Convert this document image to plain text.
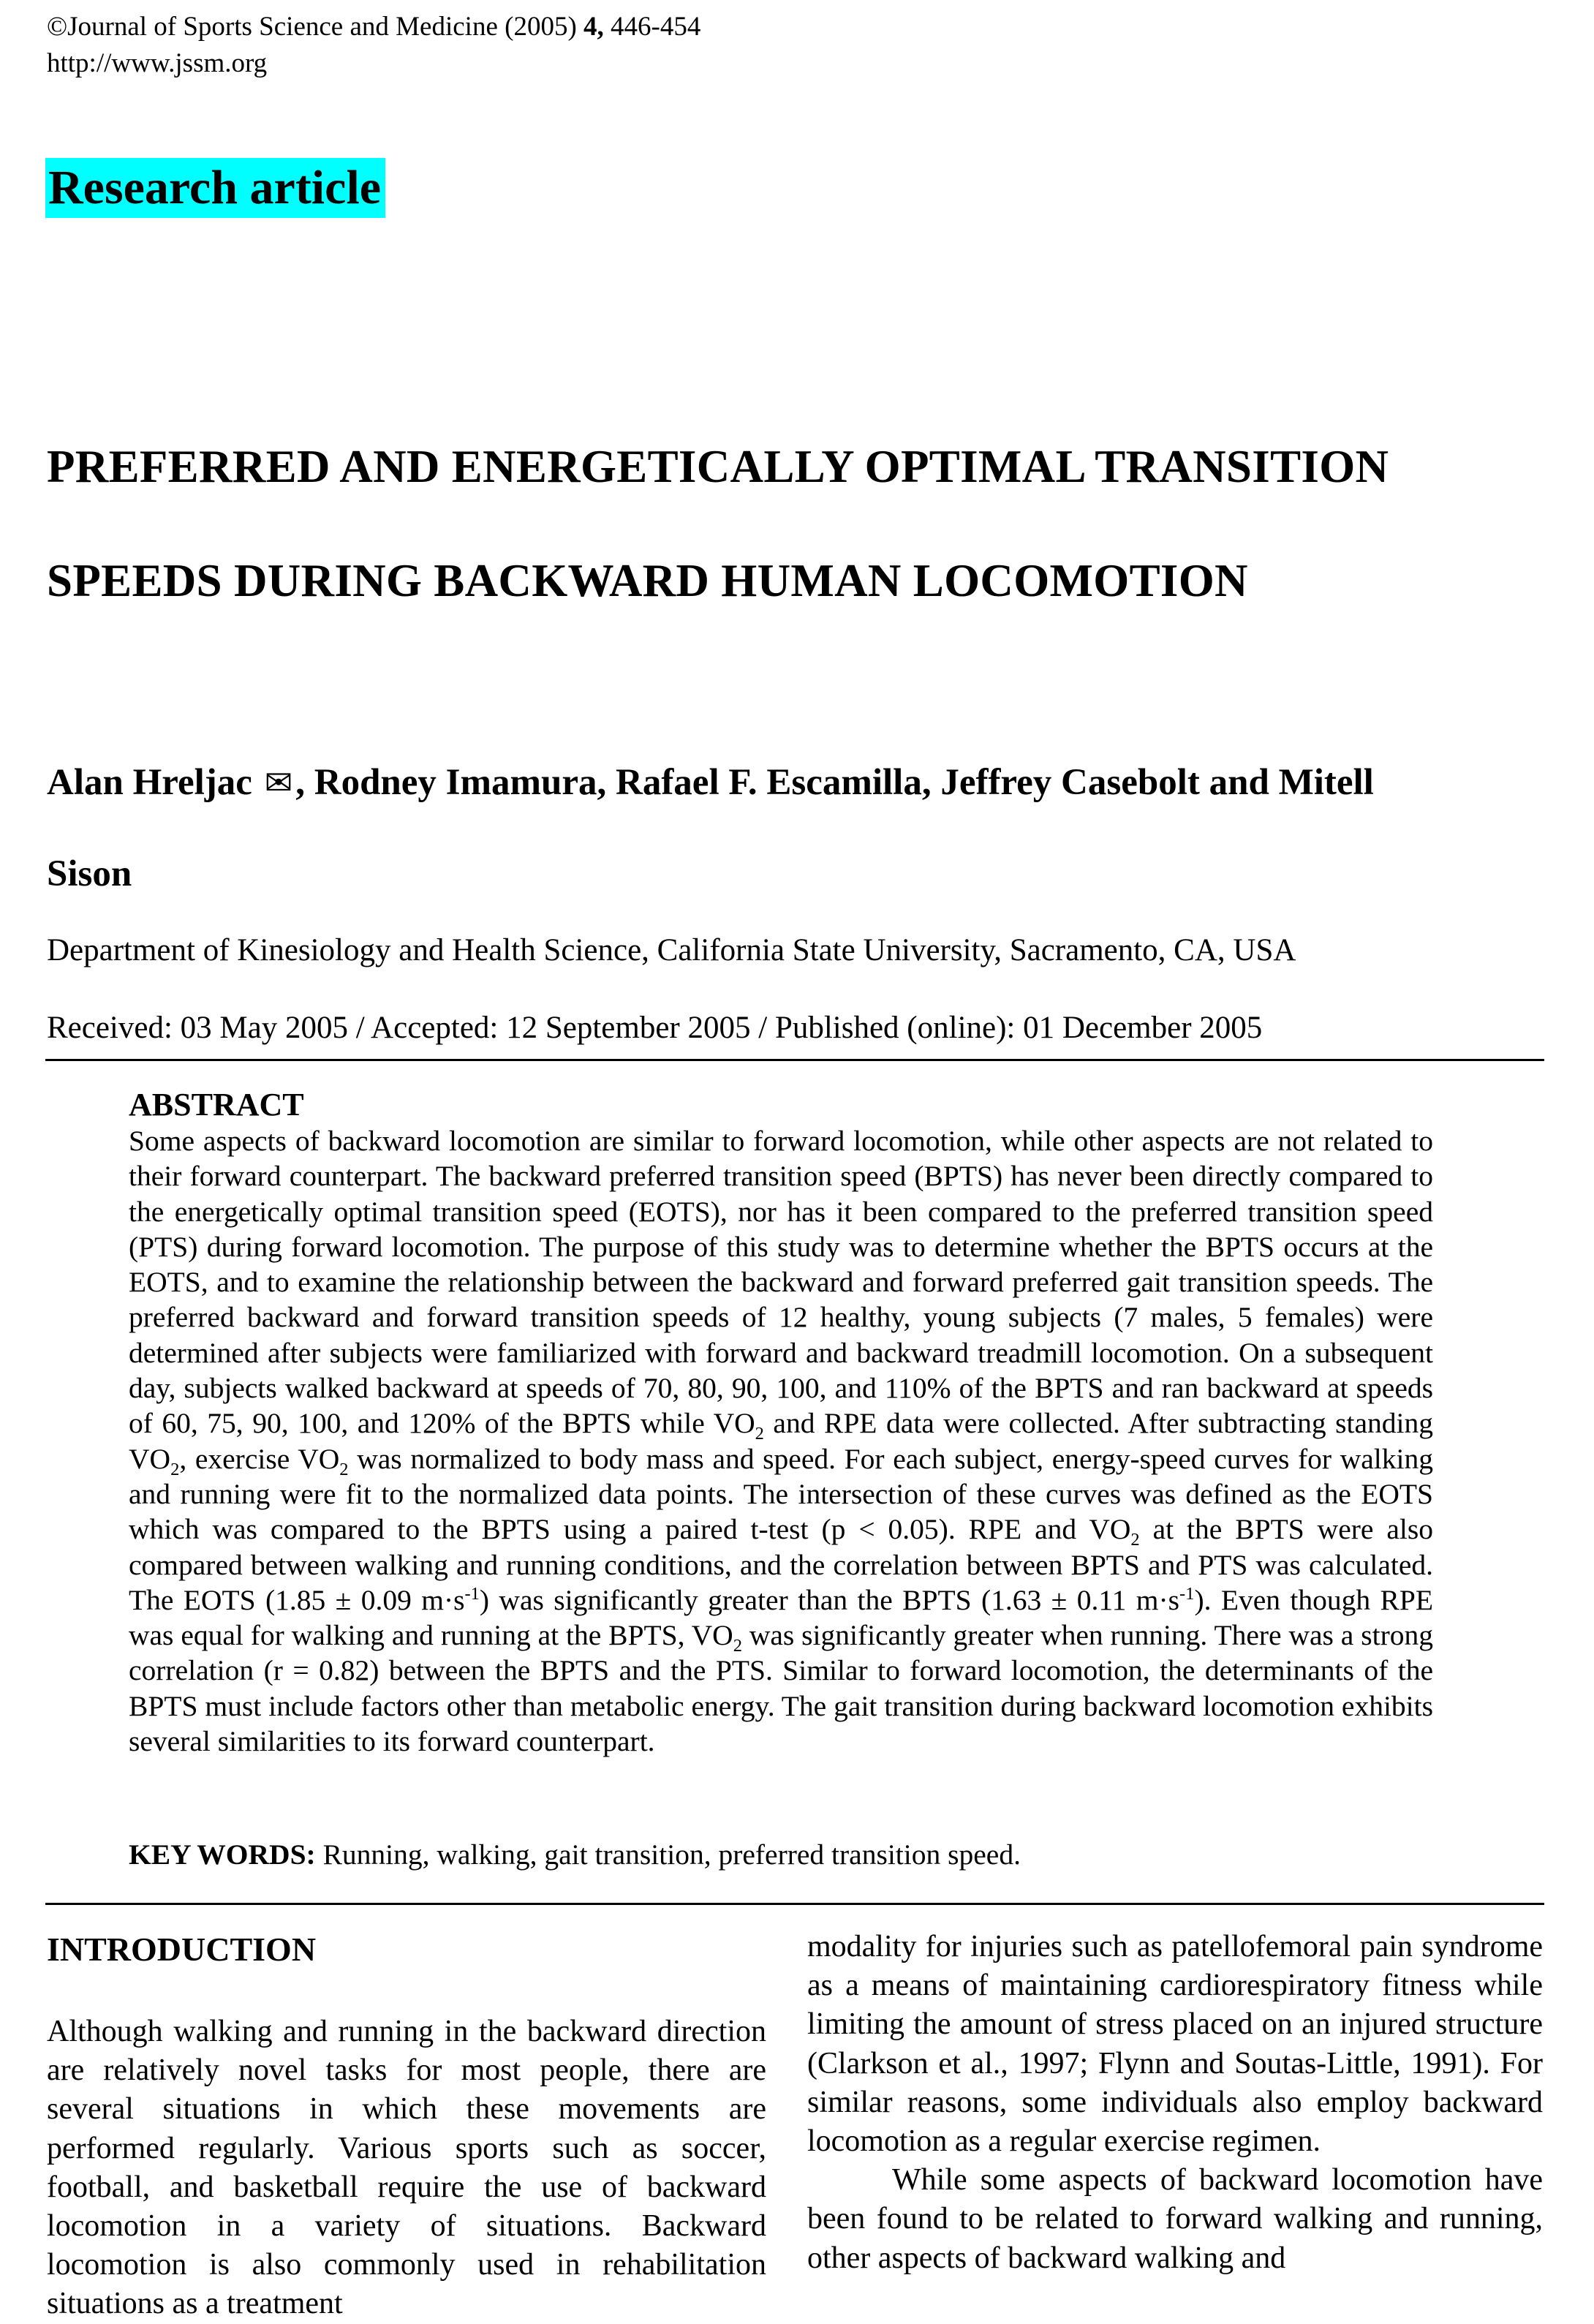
©Journal of Sports Science and Medicine (2005) 4, 446-454
http://www.jssm.org
Research article
PREFERRED AND ENERGETICALLY OPTIMAL TRANSITION
SPEEDS DURING BACKWARD HUMAN LOCOMOTION
Alan Hreljac ✉, Rodney Imamura, Rafael F. Escamilla, Jeffrey Casebolt and Mitell
Sison
Department of Kinesiology and Health Science, California State University, Sacramento, CA, USA
Received: 03 May 2005 / Accepted: 12 September 2005 / Published (online): 01 December 2005
ABSTRACT

Some aspects of backward locomotion are similar to forward locomotion, while other aspects are not related to their forward counterpart. The backward preferred transition speed (BPTS) has never been directly compared to the energetically optimal transition speed (EOTS), nor has it been compared to the preferred transition speed (PTS) during forward locomotion. The purpose of this study was to determine whether the BPTS occurs at the EOTS, and to examine the relationship between the backward and forward preferred gait transition speeds. The preferred backward and forward transition speeds of 12 healthy, young subjects (7 males, 5 females) were determined after subjects were familiarized with forward and backward treadmill locomotion. On a subsequent day, subjects walked backward at speeds of 70, 80, 90, 100, and 110% of the BPTS and ran backward at speeds of 60, 75, 90, 100, and 120% of the BPTS while $VO_2$ and RPE data were collected. After subtracting standing $VO_2$, exercise $VO_2$ was normalized to body mass and speed. For each subject, energy-speed curves for walking and running were fit to the normalized data points. The intersection of these curves was defined as the EOTS which was compared to the BPTS using a paired t-test (p < 0.05). RPE and $VO_2$ at the BPTS were also compared between walking and running conditions, and the correlation between BPTS and PTS was calculated. The EOTS (1.85 ± 0.09 $m\cdot s^{-1}$) was significantly greater than the BPTS (1.63 ± 0.11 $m\cdot s^{-1}$). Even though RPE was equal for walking and running at the BPTS, $VO_2$ was significantly greater when running. There was a strong correlation (r = 0.82) between the BPTS and the PTS. Similar to forward locomotion, the determinants of the BPTS must include factors other than metabolic energy. The gait transition during backward locomotion exhibits several similarities to its forward counterpart.

KEY WORDS: Running, walking, gait transition, preferred transition speed.
INTRODUCTION

Although walking and running in the backward direction are relatively novel tasks for most people, there are several situations in which these movements are performed regularly. Various sports such as soccer, football, and basketball require the use of backward locomotion in a variety of situations. Backward locomotion is also commonly used in rehabilitation situations as a treatment

modality for injuries such as patellofemoral pain syndrome as a means of maintaining cardiorespiratory fitness while limiting the amount of stress placed on an injured structure (Clarkson et al., 1997; Flynn and Soutas-Little, 1991). For similar reasons, some individuals also employ backward locomotion as a regular exercise regimen.

While some aspects of backward locomotion have been found to be related to forward walking and running, other aspects of backward walking and
